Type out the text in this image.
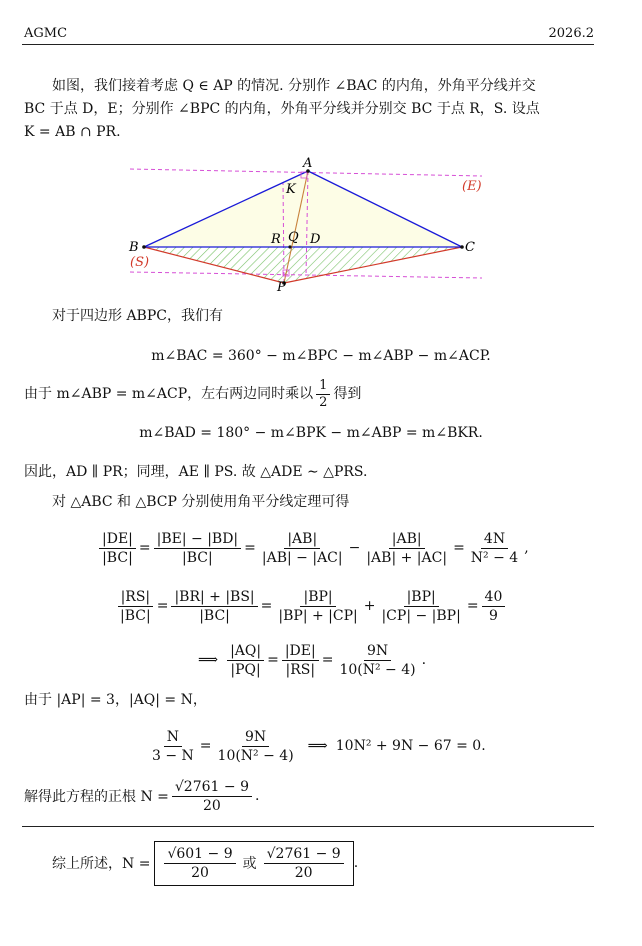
AGMC	2026.2
如图，我们接着考虑 Q ∈ AP 的情况. 分别作 ∠BAC 的内角，外角平分线并交
BC 于点 D，E；分别作 ∠BPC 的内角，外角平分线并分别交 BC 于点 R，S. 设点
K = AB ∩ PR.
A
B	C
P
K
R Q D
(E)
(S)
对于四边形 ABPC，我们有
m∠BAC = 360° − m∠BPC − m∠ABP − m∠ACP.
由于 m∠ABP = m∠ACP，左右两边同时乘以 $\frac{1}{2}$ 得到
m∠BAD = 180° − m∠BPK − m∠ABP = m∠BKR.
因此，AD ∥ PR；同理，AE ∥ PS. 故 △ADE ∼ △PRS.
对 △ABC 和 △BCP 分别使用角平分线定理可得
$\frac{|DE|}{|BC|} = \frac{|BE| - |BD|}{|BC|} = \frac{|AB|}{|AB| - |AC|} - \frac{|AB|}{|AB| + |AC|} = \frac{4N}{\text{N² − 4}}$ ,
$\frac{|RS|}{|BC|} = \frac{|BR| + |BS|}{|BC|} = \frac{|BP|}{|BP| + |CP|} + \frac{|BP|}{|CP| - |BP|} = \frac{40}{9}$
⟹ $\frac{|AQ|}{|PQ|} = \frac{|DE|}{|RS|} = \frac{9N}{\text{10(N² − 4)}}$ .
由于 |AP| = 3，|AQ| = N，
$\frac{N}{3 - N} = \frac{9N}{\text{10(N² − 4)}}$ ⟹ 10N² + 9N − 67 = 0.
解得此方程的正根 $N = \frac{√2761 - 9}{20}$ .
综上所述，$N = \frac{√601 - 9}{20}$ 或 $\frac{√2761 - 9}{20}$ .
